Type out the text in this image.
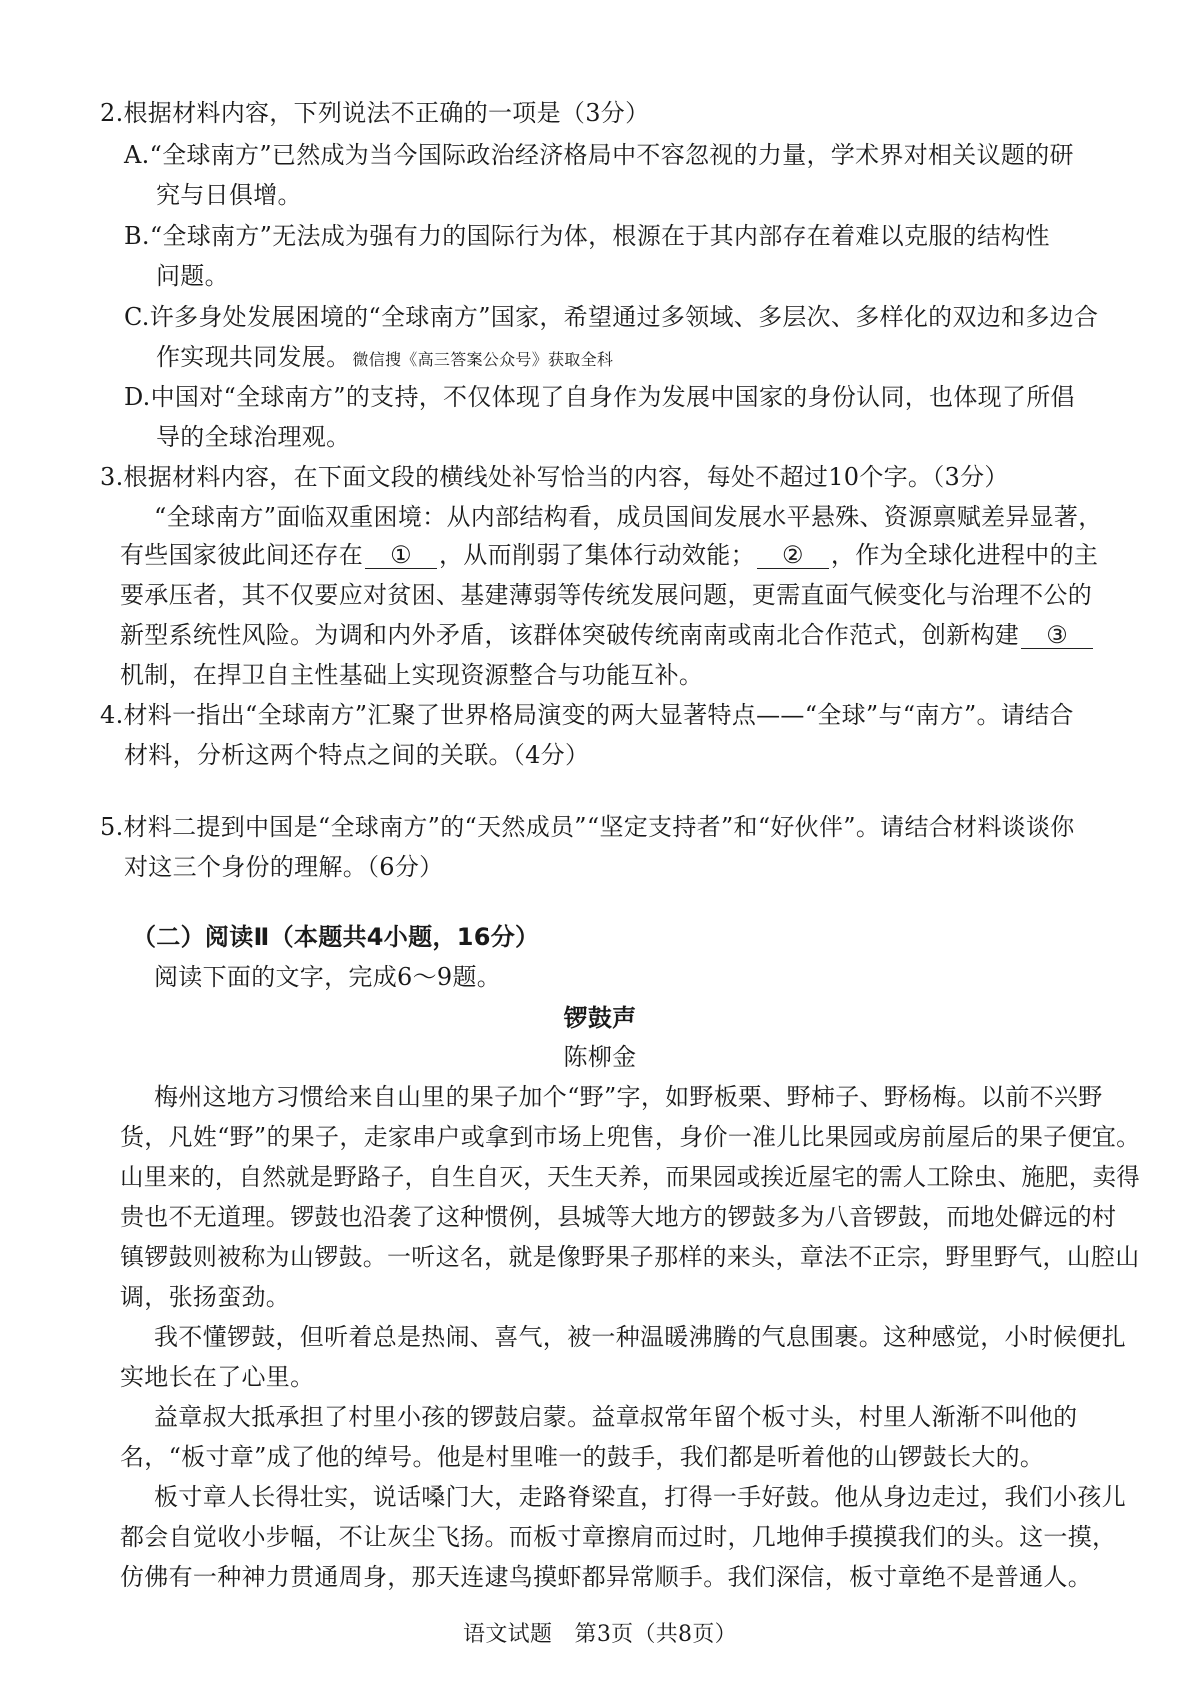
2.根据材料内容，下列说法不正确的一项是（3分）
A.“全球南方”已然成为当今国际政治经济格局中不容忽视的力量，学术界对相关议题的研
究与日俱增。
B.“全球南方”无法成为强有力的国际行为体，根源在于其内部存在着难以克服的结构性
问题。
C.许多身处发展困境的“全球南方”国家，希望通过多领域、多层次、多样化的双边和多边合
作实现共同发展。 微信搜《高三答案公众号》获取全科
D.中国对“全球南方”的支持，不仅体现了自身作为发展中国家的身份认同，也体现了所倡
导的全球治理观。
3.根据材料内容，在下面文段的横线处补写恰当的内容，每处不超过10个字。（3分）
“全球南方”面临双重困境：从内部结构看，成员国间发展水平悬殊、资源禀赋差异显著，
有些国家彼此间还存在 ① ，从而削弱了集体行动效能； ② ，作为全球化进程中的主
要承压者，其不仅要应对贫困、基建薄弱等传统发展问题，更需直面气候变化与治理不公的
新型系统性风险。为调和内外矛盾，该群体突破传统南南或南北合作范式，创新构建 ③
机制，在捍卫自主性基础上实现资源整合与功能互补。
4.材料一指出“全球南方”汇聚了世界格局演变的两大显著特点——“全球”与“南方”。请结合
材料，分析这两个特点之间的关联。（4分）
5.材料二提到中国是“全球南方”的“天然成员”“坚定支持者”和“好伙伴”。请结合材料谈谈你
对这三个身份的理解。（6分）
（二）阅读Ⅱ（本题共4小题，16分）
阅读下面的文字，完成6～9题。
锣鼓声
陈柳金
梅州这地方习惯给来自山里的果子加个“野”字，如野板栗、野柿子、野杨梅。以前不兴野
货，凡姓“野”的果子，走家串户或拿到市场上兜售，身价一准儿比果园或房前屋后的果子便宜。
山里来的，自然就是野路子，自生自灭，天生天养，而果园或挨近屋宅的需人工除虫、施肥，卖得
贵也不无道理。锣鼓也沿袭了这种惯例，县城等大地方的锣鼓多为八音锣鼓，而地处僻远的村
镇锣鼓则被称为山锣鼓。一听这名，就是像野果子那样的来头，章法不正宗，野里野气，山腔山
调，张扬蛮劲。
我不懂锣鼓，但听着总是热闹、喜气，被一种温暖沸腾的气息围裹。这种感觉，小时候便扎
实地长在了心里。
益章叔大抵承担了村里小孩的锣鼓启蒙。益章叔常年留个板寸头，村里人渐渐不叫他的
名，“板寸章”成了他的绰号。他是村里唯一的鼓手，我们都是听着他的山锣鼓长大的。
板寸章人长得壮实，说话嗓门大，走路脊梁直，打得一手好鼓。他从身边走过，我们小孩儿
都会自觉收小步幅，不让灰尘飞扬。而板寸章擦肩而过时，几地伸手摸摸我们的头。这一摸，
仿佛有一种神力贯通周身，那天连逮鸟摸虾都异常顺手。我们深信，板寸章绝不是普通人。
语文试题　第3页（共8页）
